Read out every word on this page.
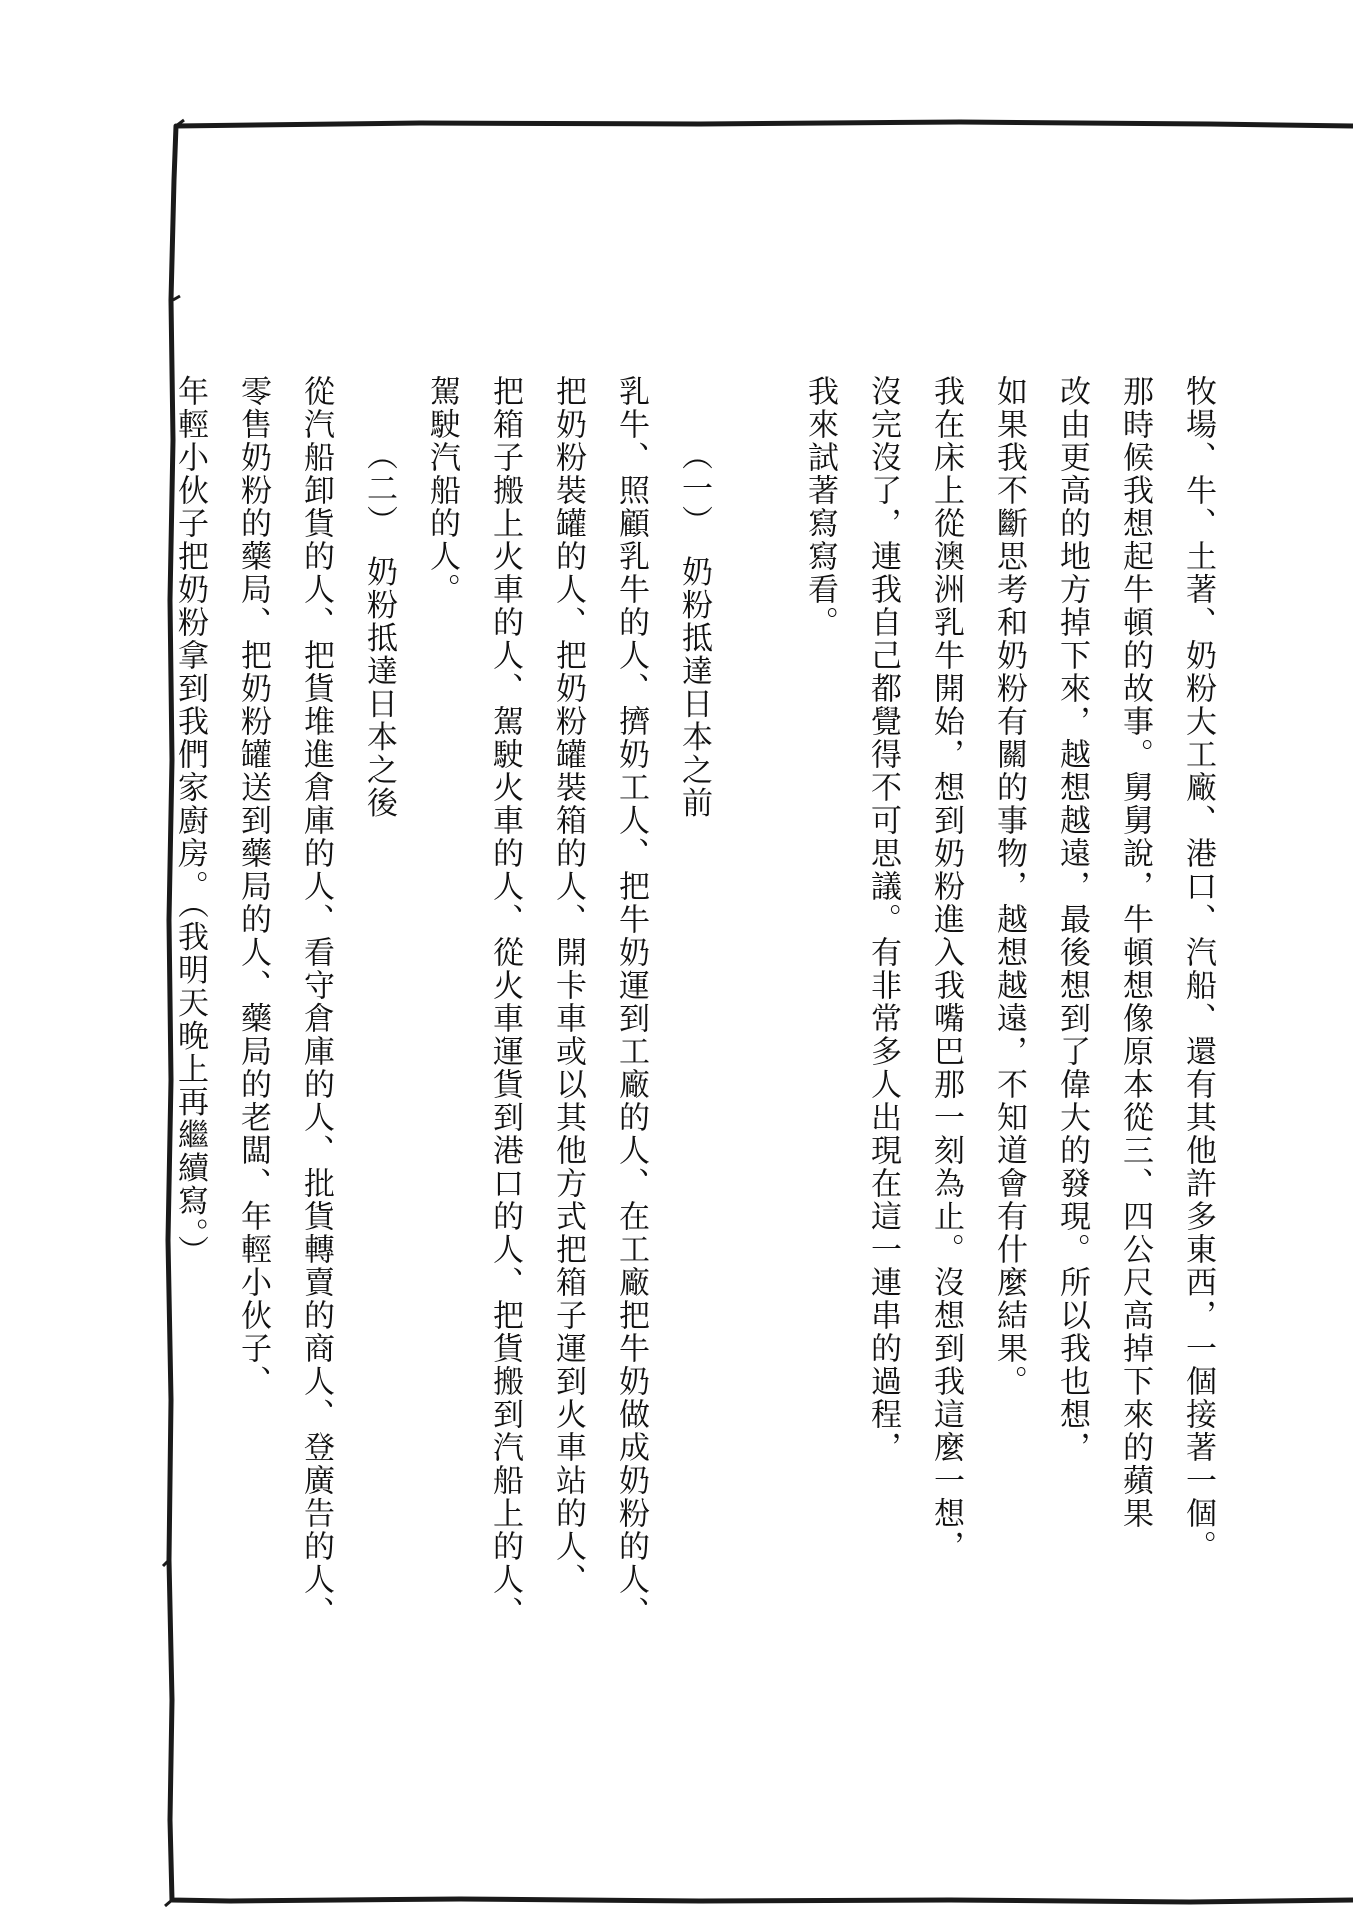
牧場、牛、土著、奶粉大工廠、港口、汽船、還有其他許多東西，一個接著一個。
那時候我想起牛頓的故事。舅舅說，牛頓想像原本從三、四公尺高掉下來的蘋果
改由更高的地方掉下來，越想越遠，最後想到了偉大的發現。所以我也想，
如果我不斷思考和奶粉有關的事物，越想越遠，不知道會有什麼結果。
我在床上從澳洲乳牛開始，想到奶粉進入我嘴巴那一刻為止。沒想到我這麼一想，
沒完沒了，連我自己都覺得不可思議。有非常多人出現在這一連串的過程，
我來試著寫寫看。
（一）　奶粉抵達日本之前
乳牛、照顧乳牛的人、擠奶工人、把牛奶運到工廠的人、在工廠把牛奶做成奶粉的人、
把奶粉裝罐的人、把奶粉罐裝箱的人、開卡車或以其他方式把箱子運到火車站的人、
把箱子搬上火車的人、駕駛火車的人、從火車運貨到港口的人、把貨搬到汽船上的人、
駕駛汽船的人。
（二）　奶粉抵達日本之後
從汽船卸貨的人、把貨堆進倉庫的人、看守倉庫的人、批貨轉賣的商人、登廣告的人、
零售奶粉的藥局、把奶粉罐送到藥局的人、藥局的老闆、年輕小伙子、
年輕小伙子把奶粉拿到我們家廚房。（我明天晚上再繼續寫。）
